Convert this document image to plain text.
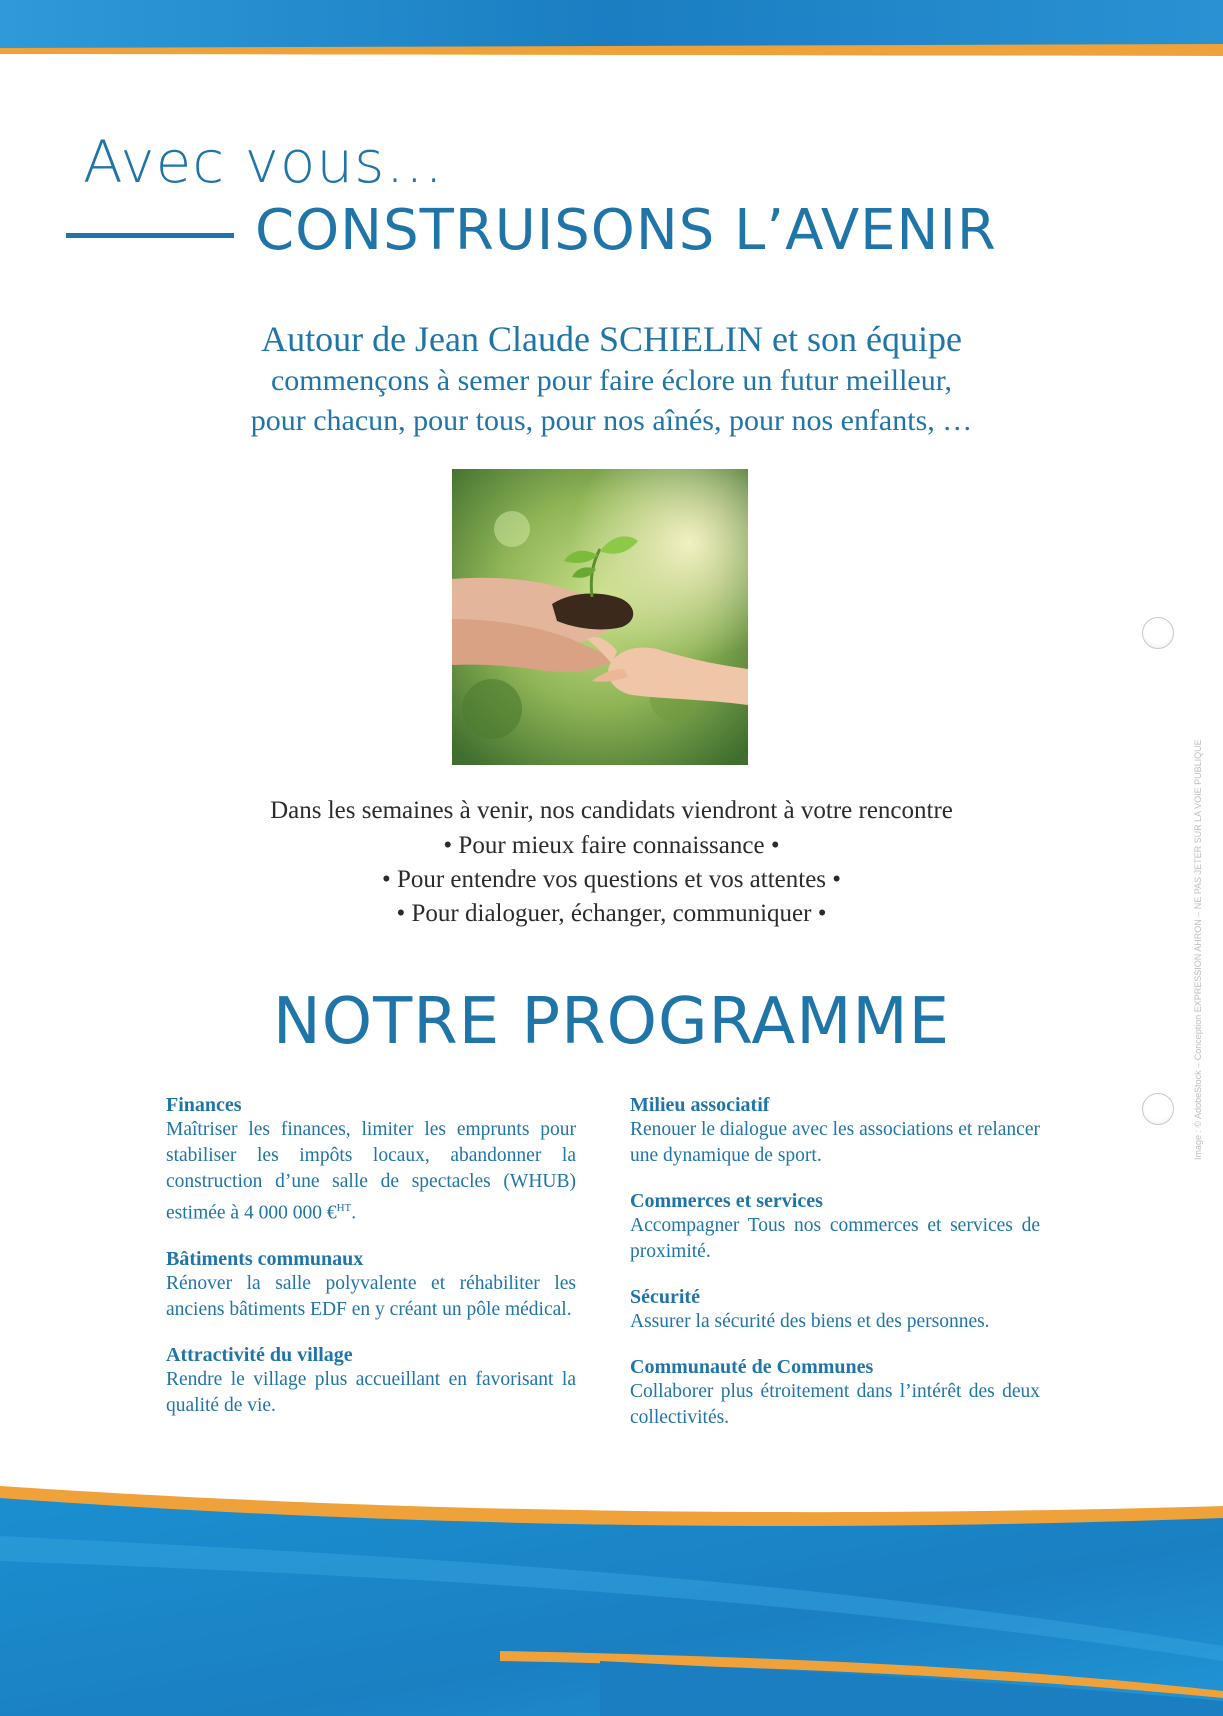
Avec vous…
CONSTRUISONS L’AVENIR
Autour de Jean Claude SCHIELIN et son équipe
commençons à semer pour faire éclore un futur meilleur,
pour chacun, pour tous, pour nos aînés, pour nos enfants, …
Dans les semaines à venir, nos candidats viendront à votre rencontre
• Pour mieux faire connaissance •
• Pour entendre vos questions et vos attentes •
• Pour dialoguer, échanger, communiquer •
NOTRE PROGRAMME
Finances
Maîtriser les finances, limiter les emprunts pour stabiliser les impôts locaux, abandonner la construction d’une salle de spectacles (WHUB) estimée à 4 000 000 €$^{HT}$.
Bâtiments communaux
Rénover la salle polyvalente et réhabiliter les anciens bâtiments EDF en y créant un pôle médical.
Attractivité du village
Rendre le village plus accueillant en favorisant la qualité de vie.
Milieu associatif
Renouer le dialogue avec les associations et relancer une dynamique de sport.
Commerces et services
Accompagner Tous nos commerces et services de proximité.
Sécurité
Assurer la sécurité des biens et des personnes.
Communauté de Communes
Collaborer plus étroitement dans l’intérêt des deux collectivités.
Image : © AdobeStock – Conception EXPRESSION AHRON – NE PAS JETER SUR LA VOIE PUBLIQUE
